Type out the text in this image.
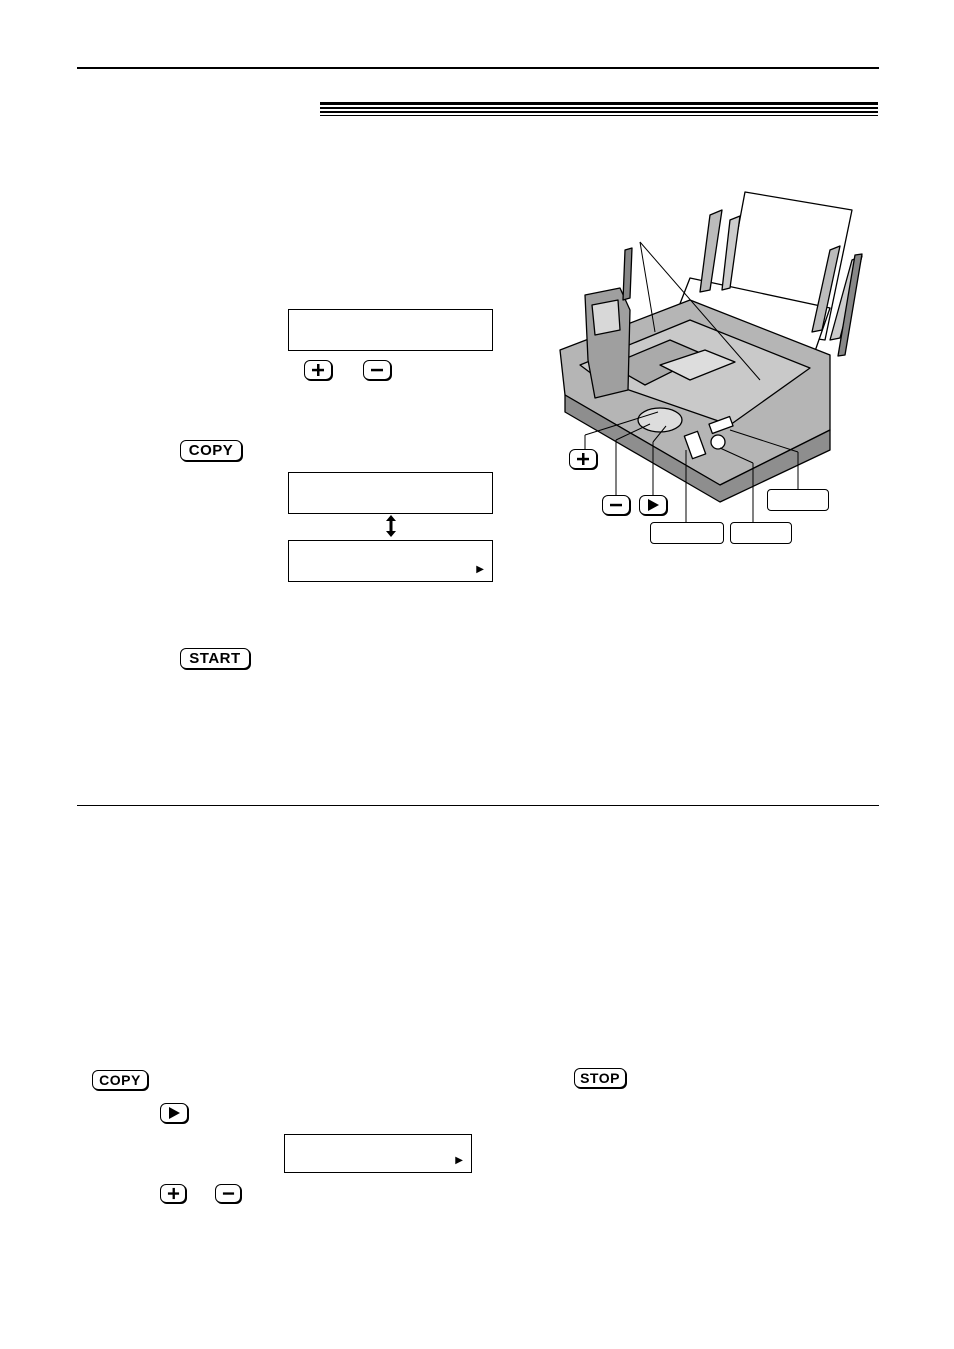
COPY
▶
START
COPY
▶
STOP
